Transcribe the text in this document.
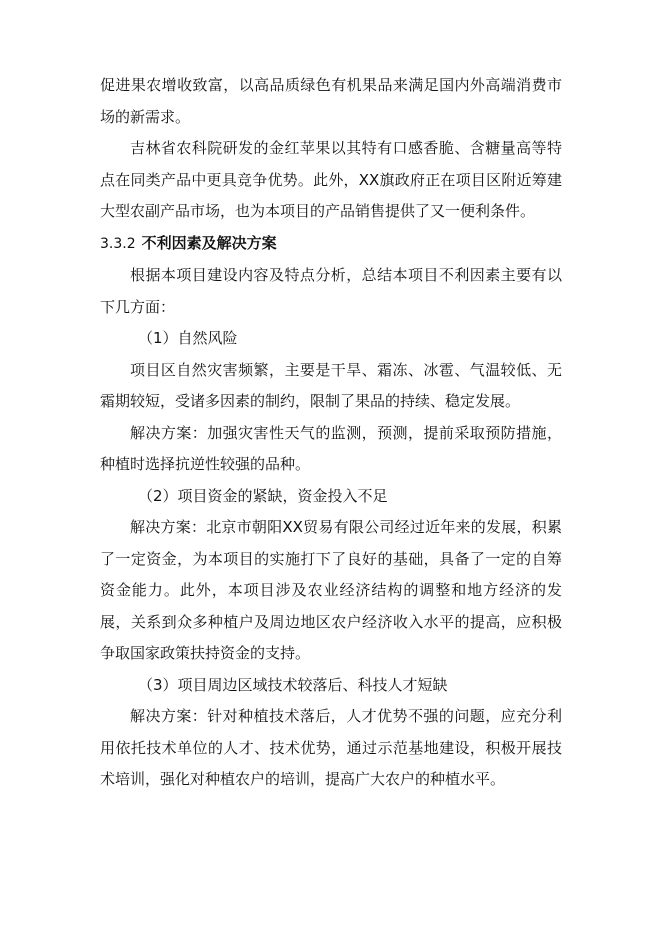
促进果农增收致富，以高品质绿色有机果品来满足国内外高端消费市场的新需求。

吉林省农科院研发的金红苹果以其特有口感香脆、含糖量高等特点在同类产品中更具竞争优势。此外，XX旗政府正在项目区附近筹建大型农副产品市场，也为本项目的产品销售提供了又一便利条件。

3.3.2 不利因素及解决方案

根据本项目建设内容及特点分析，总结本项目不利因素主要有以下几方面：

（1）自然风险

项目区自然灾害频繁，主要是干旱、霜冻、冰雹、气温较低、无霜期较短，受诸多因素的制约，限制了果品的持续、稳定发展。

解决方案：加强灾害性天气的监测，预测，提前采取预防措施，种植时选择抗逆性较强的品种。

（2）项目资金的紧缺，资金投入不足

解决方案：北京市朝阳XX贸易有限公司经过近年来的发展，积累了一定资金，为本项目的实施打下了良好的基础，具备了一定的自筹资金能力。此外，本项目涉及农业经济结构的调整和地方经济的发展，关系到众多种植户及周边地区农户经济收入水平的提高，应积极争取国家政策扶持资金的支持。

（3）项目周边区域技术较落后、科技人才短缺

解决方案：针对种植技术落后，人才优势不强的问题，应充分利用依托技术单位的人才、技术优势，通过示范基地建设，积极开展技术培训，强化对种植农户的培训，提高广大农户的种植水平。
